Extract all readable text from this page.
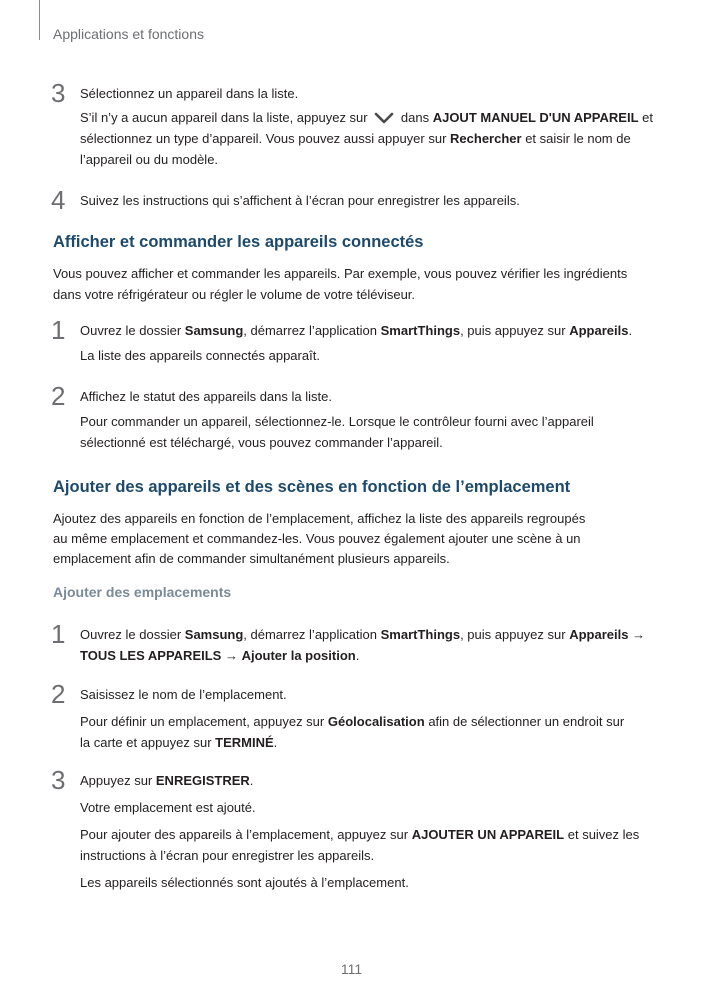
Applications et fonctions
3 Sélectionnez un appareil dans la liste.
S’il n’y a aucun appareil dans la liste, appuyez sur	dans AJOUT MANUEL D'UN APPAREIL et
sélectionnez un type d’appareil. Vous pouvez aussi appuyer sur Rechercher et saisir le nom de
l’appareil ou du modèle.
4 Suivez les instructions qui s’affichent à l’écran pour enregistrer les appareils.
Afficher et commander les appareils connectés
Vous pouvez afficher et commander les appareils. Par exemple, vous pouvez vérifier les ingrédients
dans votre réfrigérateur ou régler le volume de votre téléviseur.
1 Ouvrez le dossier Samsung, démarrez l’application SmartThings, puis appuyez sur Appareils.
La liste des appareils connectés apparaît.
2 Affichez le statut des appareils dans la liste.
Pour commander un appareil, sélectionnez-le. Lorsque le contrôleur fourni avec l’appareil
sélectionné est téléchargé, vous pouvez commander l’appareil.
Ajouter des appareils et des scènes en fonction de l’emplacement
Ajoutez des appareils en fonction de l’emplacement, affichez la liste des appareils regroupés
au même emplacement et commandez-les. Vous pouvez également ajouter une scène à un
emplacement afin de commander simultanément plusieurs appareils.
Ajouter des emplacements
1 Ouvrez le dossier Samsung, démarrez l’application SmartThings, puis appuyez sur Appareils →
TOUS LES APPAREILS → Ajouter la position.
2 Saisissez le nom de l’emplacement.
Pour définir un emplacement, appuyez sur Géolocalisation afin de sélectionner un endroit sur
la carte et appuyez sur TERMINÉ.
3 Appuyez sur ENREGISTRER.
Votre emplacement est ajouté.
Pour ajouter des appareils à l’emplacement, appuyez sur AJOUTER UN APPAREIL et suivez les
instructions à l’écran pour enregistrer les appareils.
Les appareils sélectionnés sont ajoutés à l’emplacement.
111
